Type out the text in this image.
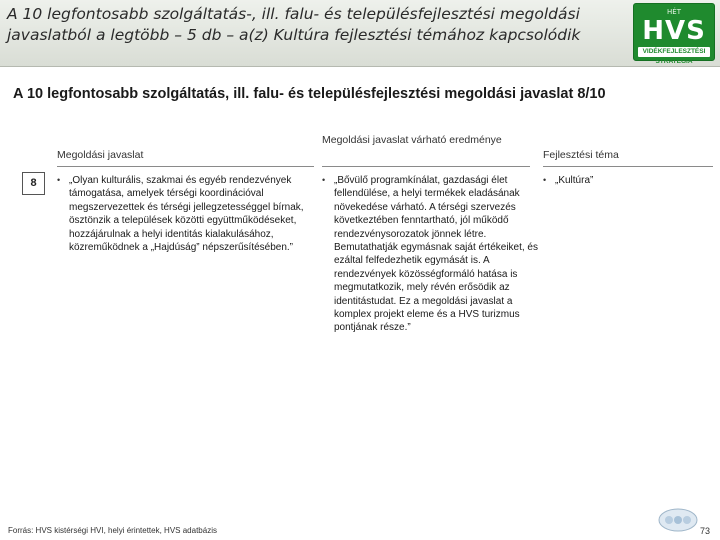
A 10 legfontosabb szolgáltatás-, ill. falu- és településfejlesztési megoldási javaslatból a legtöbb – 5 db – a(z) Kultúra fejlesztési témához kapcsolódik
HÉT
HVS
VIDÉKFEJLESZTÉSI STRATÉGIA
A 10 legfontosabb szolgáltatás, ill. falu- és településfejlesztési megoldási javaslat 8/10
Megoldási javaslat
Megoldási javaslat várható eredménye
Fejlesztési téma
8	• „Olyan kulturális, szakmai és egyéb rendezvények támogatása, amelyek térségi koordinációval megszervezettek és térségi jellegzetességgel bírnak, ösztönzik a települések közötti együttműködéseket, hozzájárulnak a helyi identitás kialakulásához, közreműködnek a „Hajdúság” népszerűsítésében.”
• „Bővülő programkínálat, gazdasági élet fellendülése, a helyi termékek eladásának növekedése várható. A térségi szervezés következtében fenntartható, jól működő rendezvénysorozatok jönnek létre. Bemutathatják egymásnak saját értékeiket, és ezáltal felfedezhetik egymását is. A rendezvények közösségformáló hatása is megmutatkozik, mely révén erősödik az identitástudat. Ez a megoldási javaslat a komplex projekt eleme és a HVS turizmus pontjának része.”
• „Kultúra”
Forrás: HVS kistérségi HVI, helyi érintettek, HVS adatbázis	73
